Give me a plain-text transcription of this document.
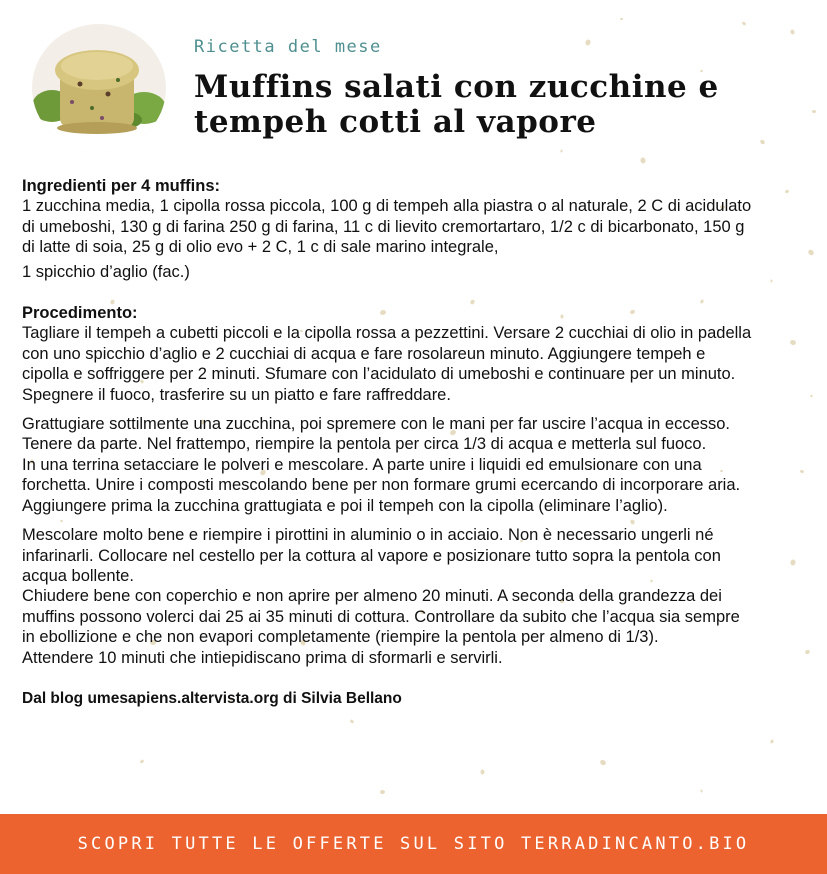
Ricetta del mese
Muffins salati con zucchine e
tempeh cotti al vapore

Ingredienti per 4 muffins:

1 zucchina media, 1 cipolla rossa piccola, 100 g di tempeh alla piastra o al naturale, 2 C di acidulato di umeboshi, 130 g di farina 250 g di farina, 11 c di lievito cremortartaro, 1/2 c di bicarbonato, 150 g di latte di soia, 25 g di olio evo + 2 C, 1 c di sale marino integrale,

1 spicchio d’aglio (fac.)

Procedimento:

Tagliare il tempeh a cubetti piccoli e la cipolla rossa a pezzettini. Versare 2 cucchiai di olio in padella con uno spicchio d’aglio e 2 cucchiai di acqua e fare rosolareun minuto. Aggiungere tempeh e cipolla e soffriggere per 2 minuti. Sfumare con l’acidulato di umeboshi e continuare per un minuto. Spegnere il fuoco, trasferire su un piatto e fare raffreddare.

Grattugiare sottilmente una zucchina, poi spremere con le mani per far uscire l’acqua in eccesso. Tenere da parte. Nel frattempo, riempire la pentola per circa 1/3 di acqua e metterla sul fuoco.

In una terrina setacciare le polveri e mescolare. A parte unire i liquidi ed emulsionare con una forchetta. Unire i composti mescolando bene per non formare grumi ecercando di incorporare aria. Aggiungere prima la zucchina grattugiata e poi il tempeh con la cipolla (eliminare l’aglio).

Mescolare molto bene e riempire i pirottini in aluminio o in acciaio. Non è necessario ungerli né infarinarli. Collocare nel cestello per la cottura al vapore e posizionare tutto sopra la pentola con acqua bollente.

Chiudere bene con coperchio e non aprire per almeno 20 minuti. A seconda della grandezza dei muffins possono volerci dai 25 ai 35 minuti di cottura. Controllare da subito che l’acqua sia sempre in ebollizione e che non evapori completamente (riempire la pentola per almeno di 1/3).

Attendere 10 minuti che intiepidiscano prima di sformarli e servirli.

Dal blog umesapiens.altervista.org di Silvia Bellano

SCOPRI TUTTE LE OFFERTE SUL SITO TERRADINCANTO.BIO
